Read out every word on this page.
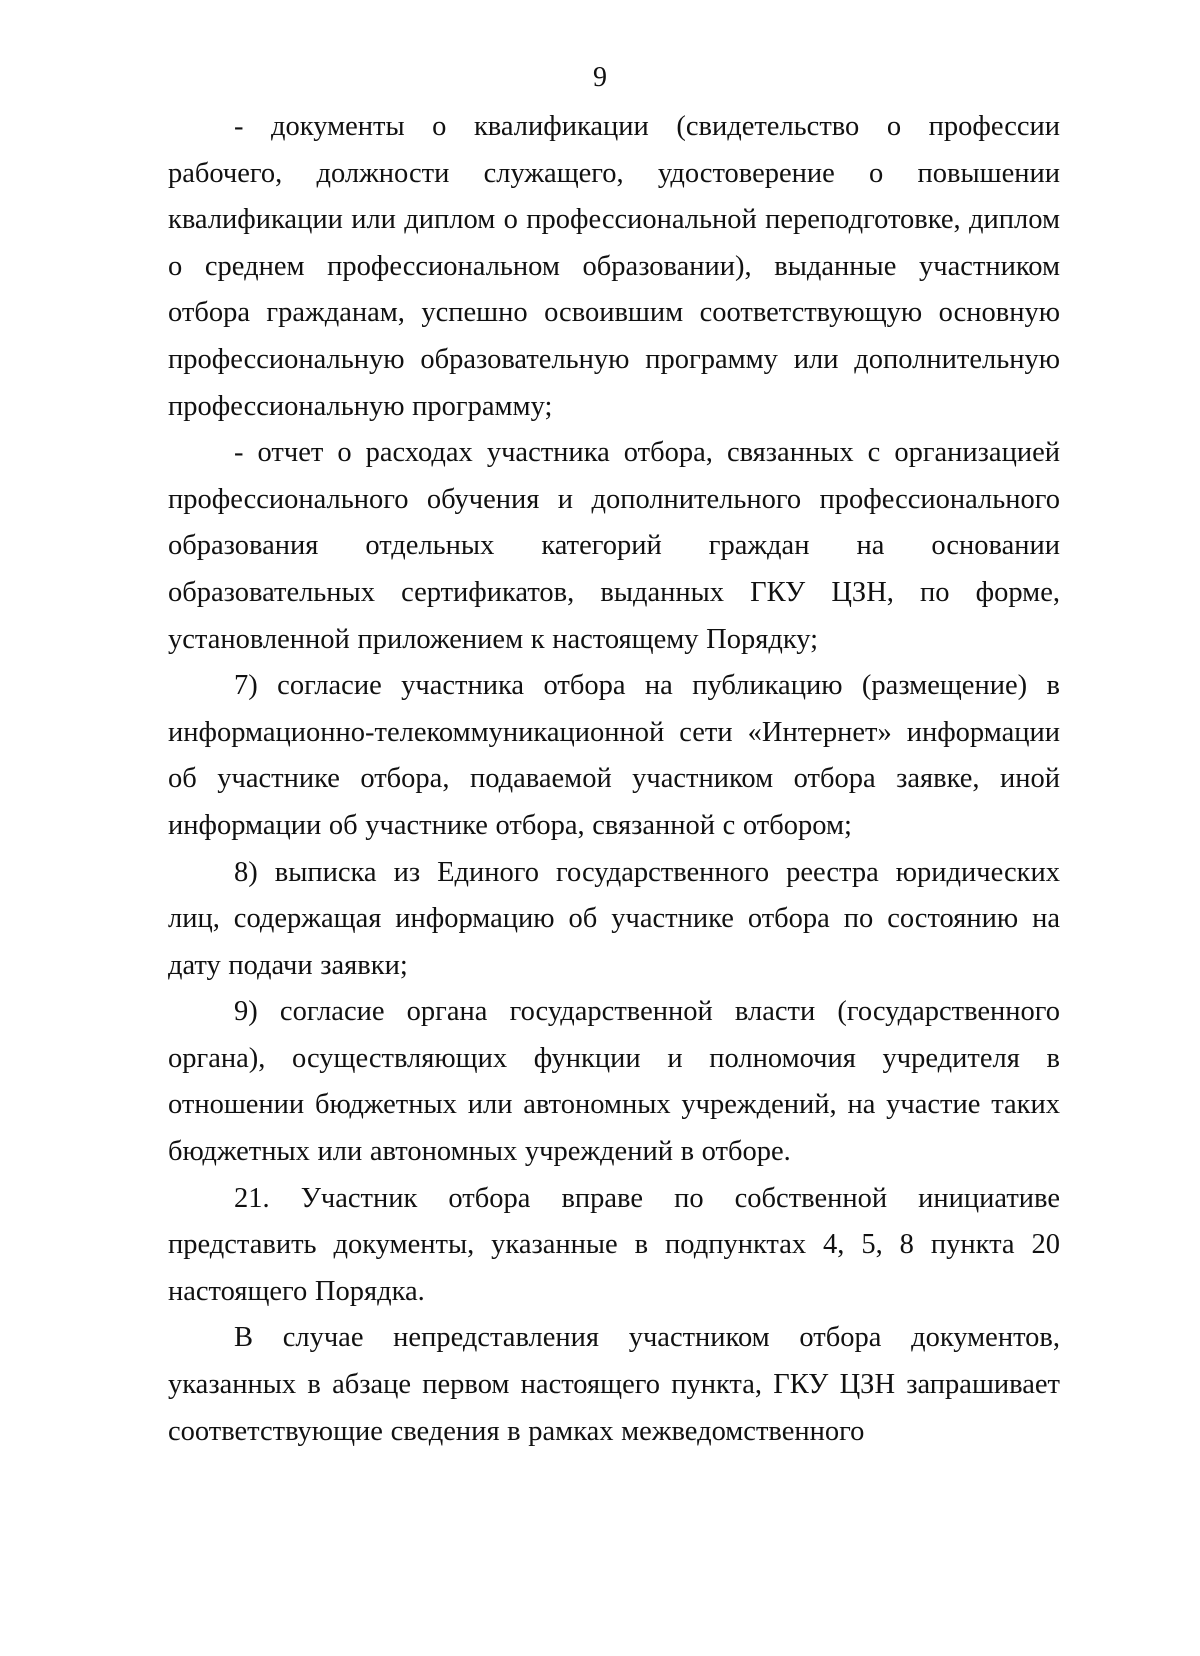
9

- документы о квалификации (свидетельство о профессии рабочего, должности служащего, удостоверение о повышении квалификации или диплом о профессиональной переподготовке, диплом о среднем профессиональном образовании), выданные участником отбора гражданам, успешно освоившим соответствующую основную профессиональную образовательную программу или дополнительную профессиональную программу;

- отчет о расходах участника отбора, связанных с организацией профессионального обучения и дополнительного профессионального образования отдельных категорий граждан на основании образовательных сертификатов, выданных ГКУ ЦЗН, по форме, установленной приложением к настоящему Порядку;

7) согласие участника отбора на публикацию (размещение) в информационно-телекоммуникационной сети «Интернет» информации об участнике отбора, подаваемой участником отбора заявке, иной информации об участнике отбора, связанной с отбором;

8) выписка из Единого государственного реестра юридических лиц, содержащая информацию об участнике отбора по состоянию на дату подачи заявки;

9) согласие органа государственной власти (государственного органа), осуществляющих функции и полномочия учредителя в отношении бюджетных или автономных учреждений, на участие таких бюджетных или автономных учреждений в отборе.

21. Участник отбора вправе по собственной инициативе представить документы, указанные в подпунктах 4, 5, 8 пункта 20 настоящего Порядка.

В случае непредставления участником отбора документов, указанных в абзаце первом настоящего пункта, ГКУ ЦЗН запрашивает соответствующие сведения в рамках межведомственного
